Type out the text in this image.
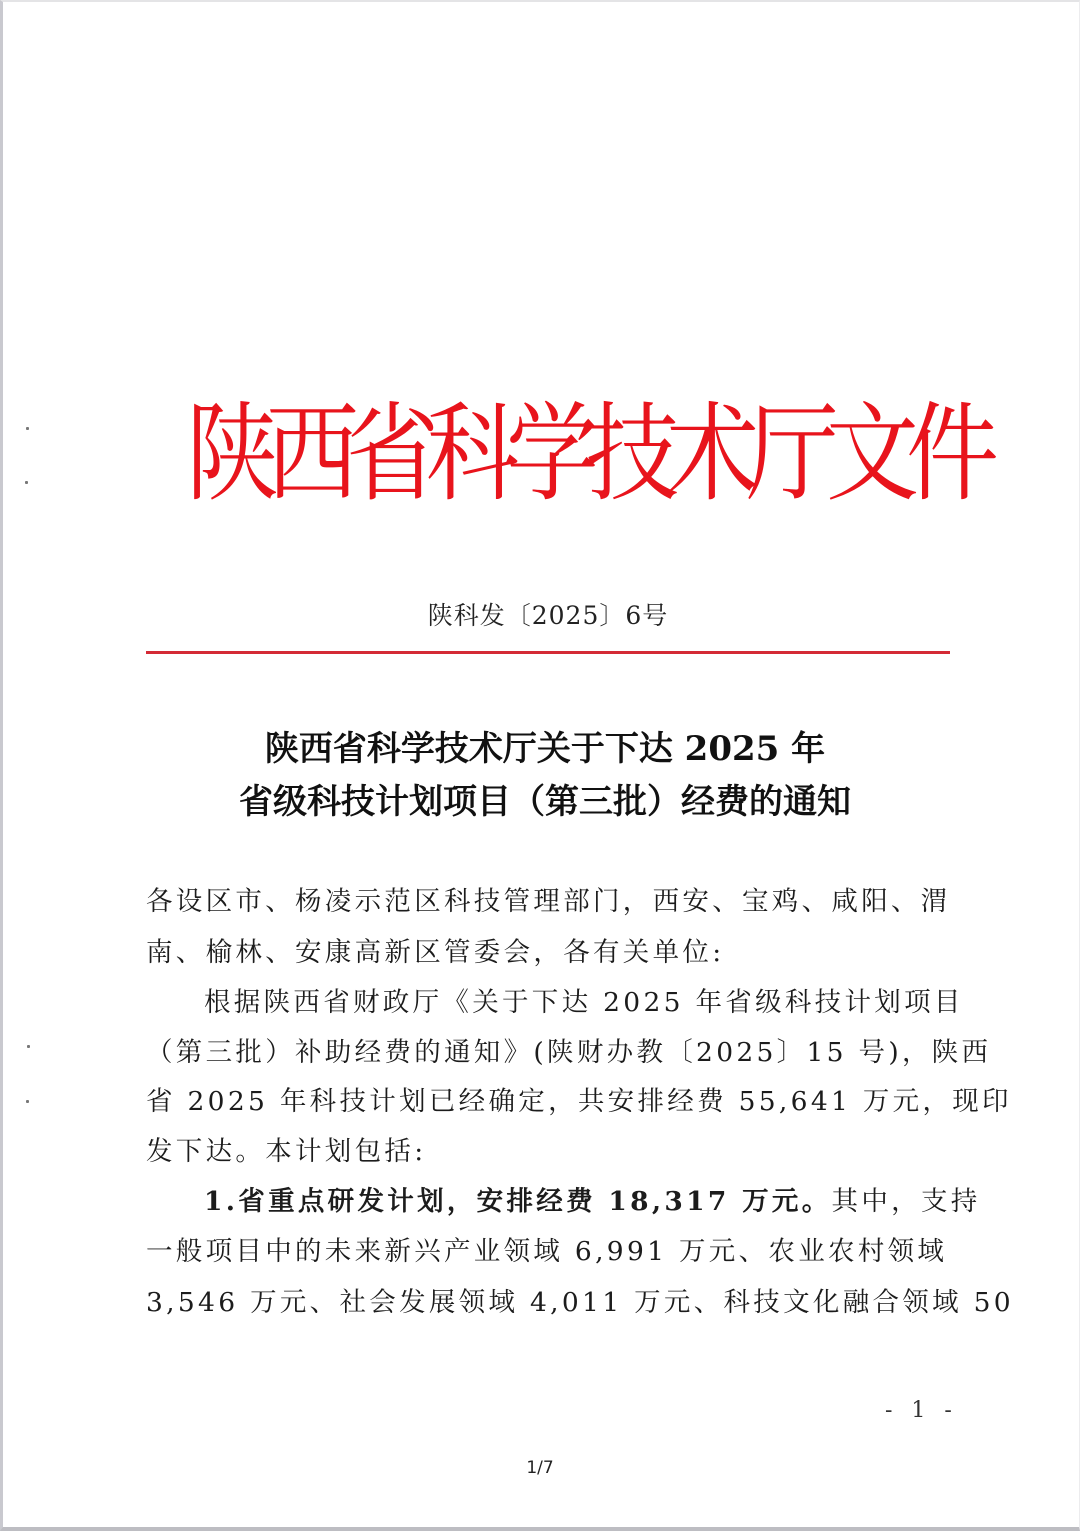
陕西省科学技术厅文件
陕科发〔2025〕6号
陕西省科学技术厅关于下达 2025 年
省级科技计划项目（第三批）经费的通知
各设区市、杨凌示范区科技管理部门，西安、宝鸡、咸阳、渭
南、榆林、安康高新区管委会，各有关单位:
根据陕西省财政厅《关于下达 2025 年省级科技计划项目
（第三批）补助经费的通知》(陕财办教〔2025〕15 号)，陕西
省 2025 年科技计划已经确定，共安排经费 55,641 万元，现印
发下达。本计划包括:
1.省重点研发计划，安排经费 18,317 万元。其中，支持
一般项目中的未来新兴产业领域 6,991 万元、农业农村领域
3,546 万元、社会发展领域 4,011 万元、科技文化融合领域 50
- 1 -
1/7
